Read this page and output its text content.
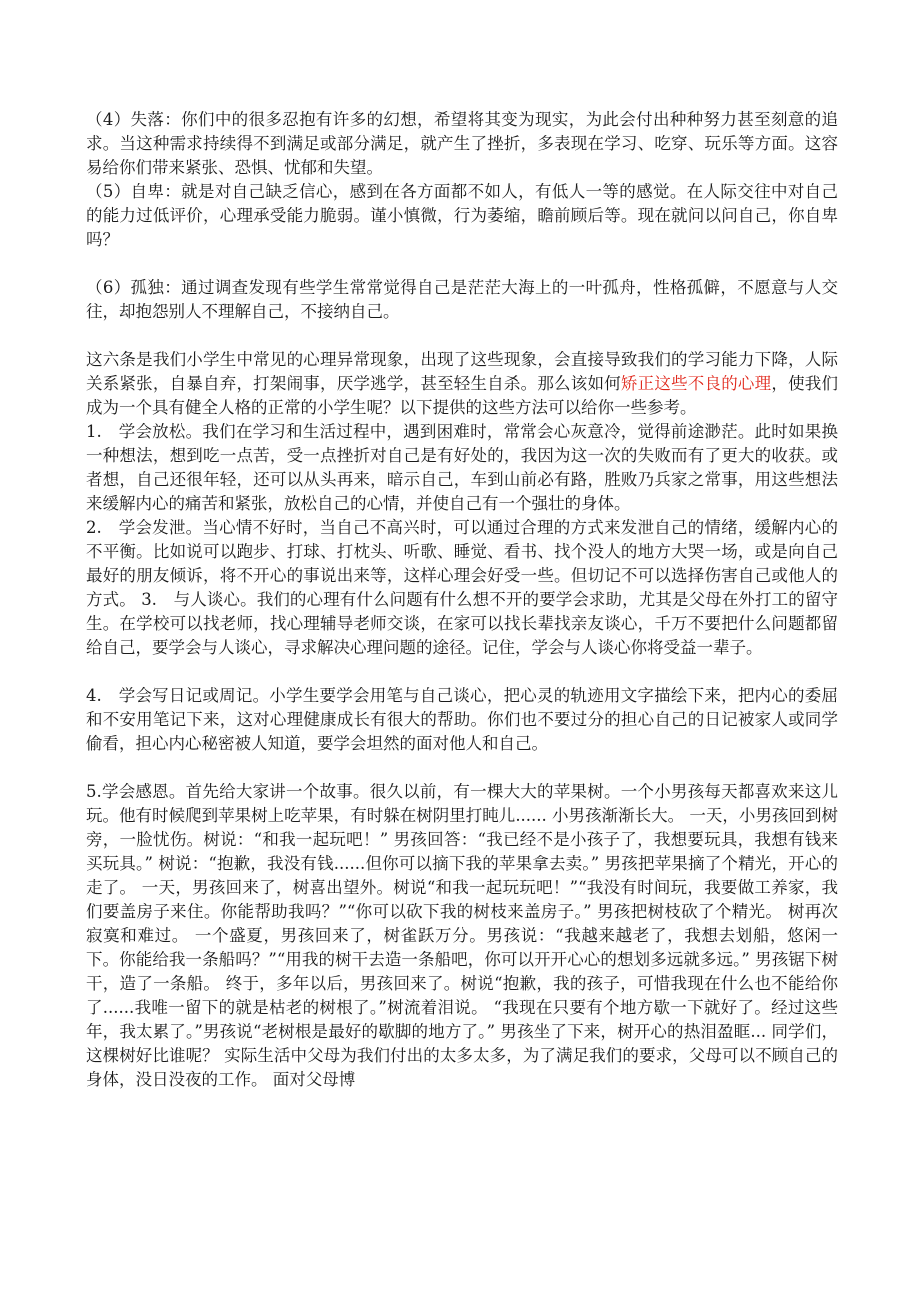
（4）失落：你们中的很多忍抱有许多的幻想，希望将其变为现实，为此会付出种种努力甚至刻意的追求。当这种需求持续得不到满足或部分满足，就产生了挫折，多表现在学习、吃穿、玩乐等方面。这容易给你们带来紧张、恐惧、忧郁和失望。

（5）自卑：就是对自己缺乏信心，感到在各方面都不如人，有低人一等的感觉。在人际交往中对自己的能力过低评价，心理承受能力脆弱。谨小慎微，行为萎缩，瞻前顾后等。现在就问以问自己，你自卑吗？

（6）孤独：通过调查发现有些学生常常觉得自己是茫茫大海上的一叶孤舟，性格孤僻，不愿意与人交往，却抱怨别人不理解自己，不接纳自己。

这六条是我们小学生中常见的心理异常现象，出现了这些现象，会直接导致我们的学习能力下降，人际关系紧张，自暴自弃，打架闹事，厌学逃学，甚至轻生自杀。那么该如何矫正这些不良的心理，使我们成为一个具有健全人格的正常的小学生呢？以下提供的这些方法可以给你一些参考。

1.　学会放松。我们在学习和生活过程中，遇到困难时，常常会心灰意冷，觉得前途渺茫。此时如果换一种想法，想到吃一点苦，受一点挫折对自己是有好处的，我因为这一次的失败而有了更大的收获。或者想，自己还很年轻，还可以从头再来，暗示自己，车到山前必有路，胜败乃兵家之常事，用这些想法来缓解内心的痛苦和紧张，放松自己的心情，并使自己有一个强壮的身体。

2.　学会发泄。当心情不好时，当自己不高兴时，可以通过合理的方式来发泄自己的情绪，缓解内心的不平衡。比如说可以跑步、打球、打枕头、听歌、睡觉、看书、找个没人的地方大哭一场，或是向自己最好的朋友倾诉，将不开心的事说出来等，这样心理会好受一些。但切记不可以选择伤害自己或他人的方式。 3.　与人谈心。我们的心理有什么问题有什么想不开的要学会求助，尤其是父母在外打工的留守生。在学校可以找老师，找心理辅导老师交谈，在家可以找长辈找亲友谈心，千万不要把什么问题都留给自己，要学会与人谈心，寻求解决心理问题的途径。记住，学会与人谈心你将受益一辈子。

4.　学会写日记或周记。小学生要学会用笔与自己谈心，把心灵的轨迹用文字描绘下来，把内心的委屈和不安用笔记下来，这对心理健康成长有很大的帮助。你们也不要过分的担心自己的日记被家人或同学偷看，担心内心秘密被人知道，要学会坦然的面对他人和自己。

5.学会感恩。首先给大家讲一个故事。很久以前，有一棵大大的苹果树。一个小男孩每天都喜欢来这儿玩。他有时候爬到苹果树上吃苹果，有时躲在树阴里打盹儿...... 小男孩渐渐长大。 一天，小男孩回到树旁，一脸忧伤。树说：“和我一起玩吧！” 男孩回答：“我已经不是小孩子了，我想要玩具，我想有钱来买玩具。” 树说：“抱歉，我没有钱......但你可以摘下我的苹果拿去卖。” 男孩把苹果摘了个精光，开心的走了。 一天，男孩回来了，树喜出望外。树说“和我一起玩玩吧！”“我没有时间玩，我要做工养家，我们要盖房子来住。你能帮助我吗？”“你可以砍下我的树枝来盖房子。” 男孩把树枝砍了个精光。 树再次寂寞和难过。 一个盛夏，男孩回来了，树雀跃万分。男孩说：“我越来越老了，我想去划船，悠闲一下。你能给我一条船吗？”“用我的树干去造一条船吧，你可以开开心心的想划多远就多远。” 男孩锯下树干，造了一条船。 终于，多年以后，男孩回来了。树说“抱歉，我的孩子，可惜我现在什么也不能给你了......我唯一留下的就是枯老的树根了。”树流着泪说。 “我现在只要有个地方歇一下就好了。经过这些年，我太累了。”男孩说“老树根是最好的歇脚的地方了。” 男孩坐了下来，树开心的热泪盈眶... 同学们，这棵树好比谁呢？ 实际生活中父母为我们付出的太多太多，为了满足我们的要求，父母可以不顾自己的身体，没日没夜的工作。 面对父母博
